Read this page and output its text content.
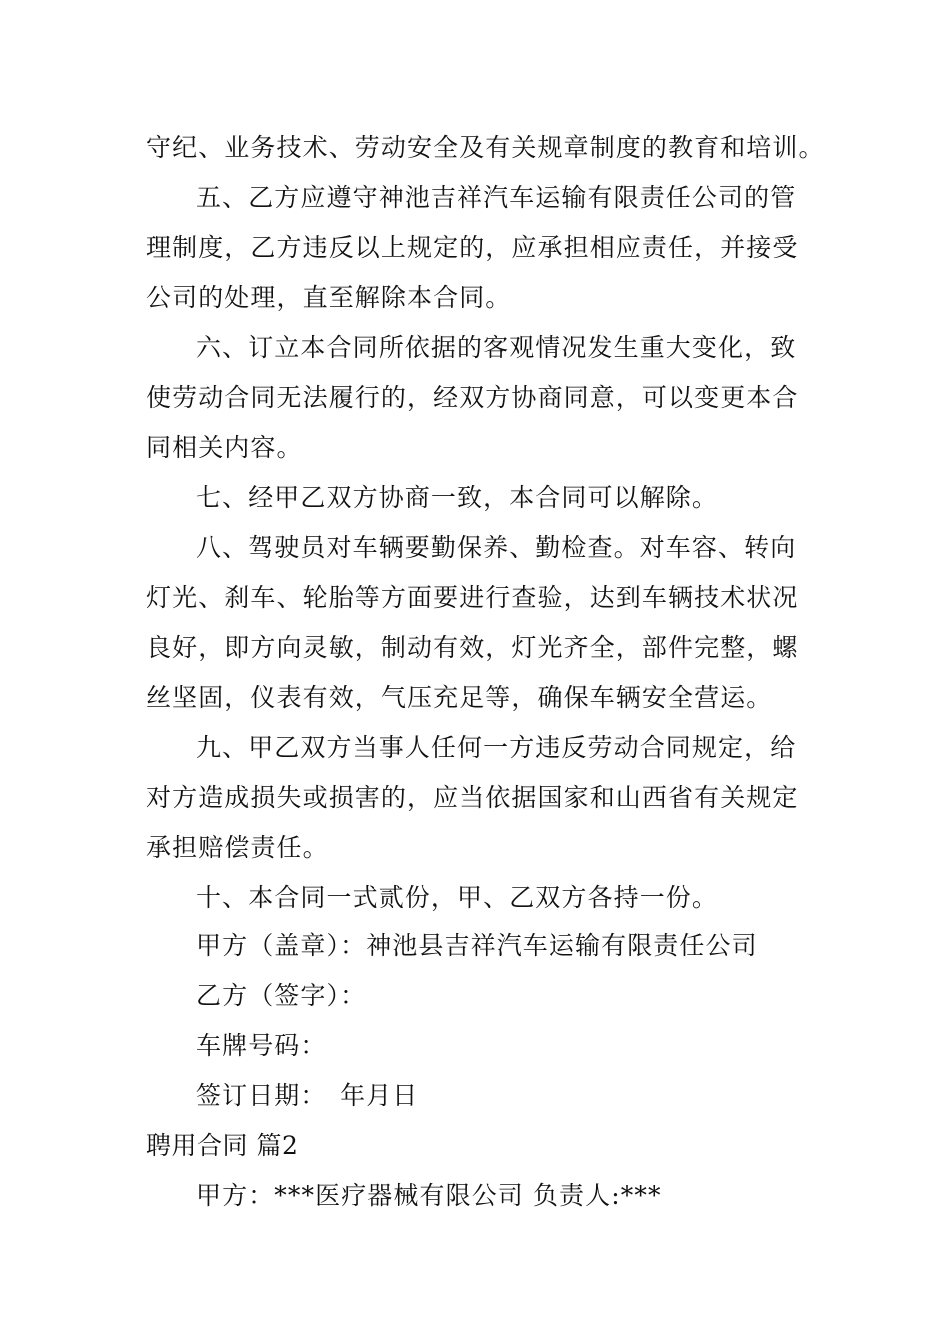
守纪、业务技术、劳动安全及有关规章制度的教育和培训。
五、乙方应遵守神池吉祥汽车运输有限责任公司的管
理制度，乙方违反以上规定的，应承担相应责任，并接受
公司的处理，直至解除本合同。
六、订立本合同所依据的客观情况发生重大变化，致
使劳动合同无法履行的，经双方协商同意，可以变更本合
同相关内容。
七、经甲乙双方协商一致，本合同可以解除。
八、驾驶员对车辆要勤保养、勤检查。对车容、转向
灯光、刹车、轮胎等方面要进行查验，达到车辆技术状况
良好，即方向灵敏，制动有效，灯光齐全，部件完整，螺
丝坚固，仪表有效，气压充足等，确保车辆安全营运。
九、甲乙双方当事人任何一方违反劳动合同规定，给
对方造成损失或损害的，应当依据国家和山西省有关规定
承担赔偿责任。
十、本合同一式贰份，甲、乙双方各持一份。
甲方（盖章）：神池县吉祥汽车运输有限责任公司
乙方（签字）：
车牌号码：
签订日期：　年月日
聘用合同 篇2
甲方：***医疗器械有限公司 负责人:***
